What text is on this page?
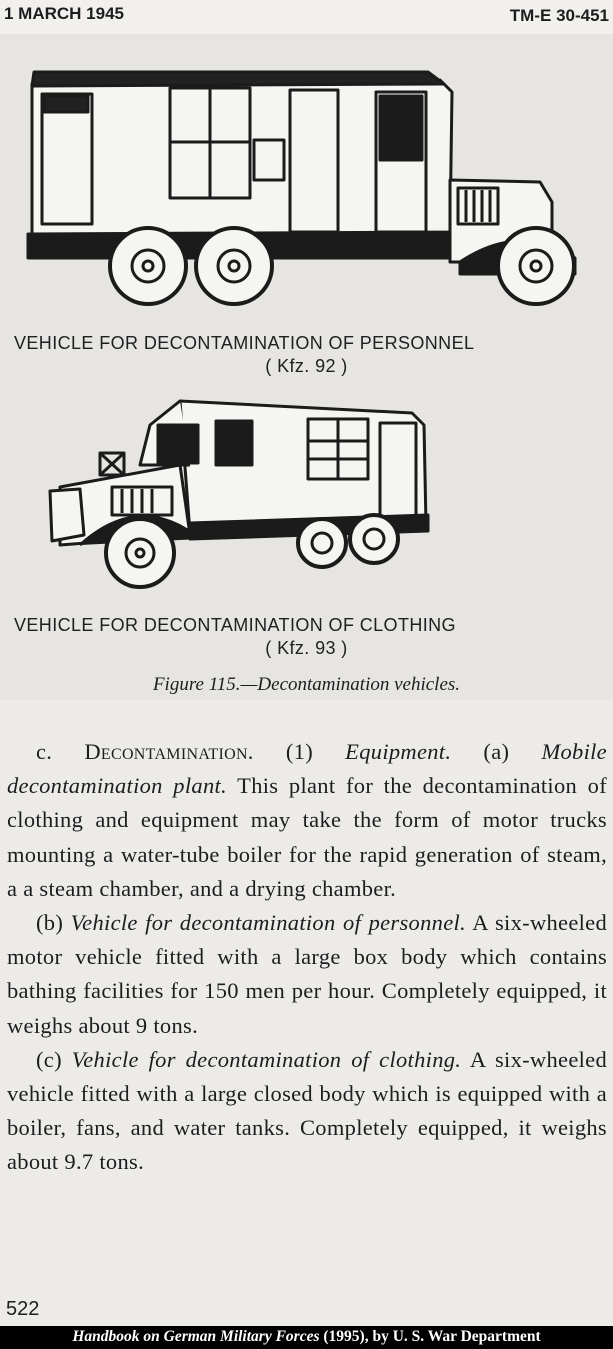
1 MARCH 1945	TM-E 30-451
VEHICLE FOR DECONTAMINATION OF PERSONNEL
( Kfz. 92 )
VEHICLE FOR DECONTAMINATION OF CLOTHING
( Kfz. 93 )
Figure 115.—Decontamination vehicles.

c. Decontamination. (1) Equipment. (a) Mobile decontamination plant. This plant for the decontamination of clothing and equipment may take the form of motor trucks mounting a water-tube boiler for the rapid generation of steam, a a steam chamber, and a drying chamber.

(b) Vehicle for decontamination of personnel. A six-wheeled motor vehicle fitted with a large box body which contains bathing facilities for 150 men per hour. Completely equipped, it weighs about 9 tons.

(c) Vehicle for decontamination of clothing. A six-wheeled vehicle fitted with a large closed body which is equipped with a boiler, fans, and water tanks. Completely equipped, it weighs about 9.7 tons.

522
Handbook on German Military Forces (1995), by U. S. War Department
